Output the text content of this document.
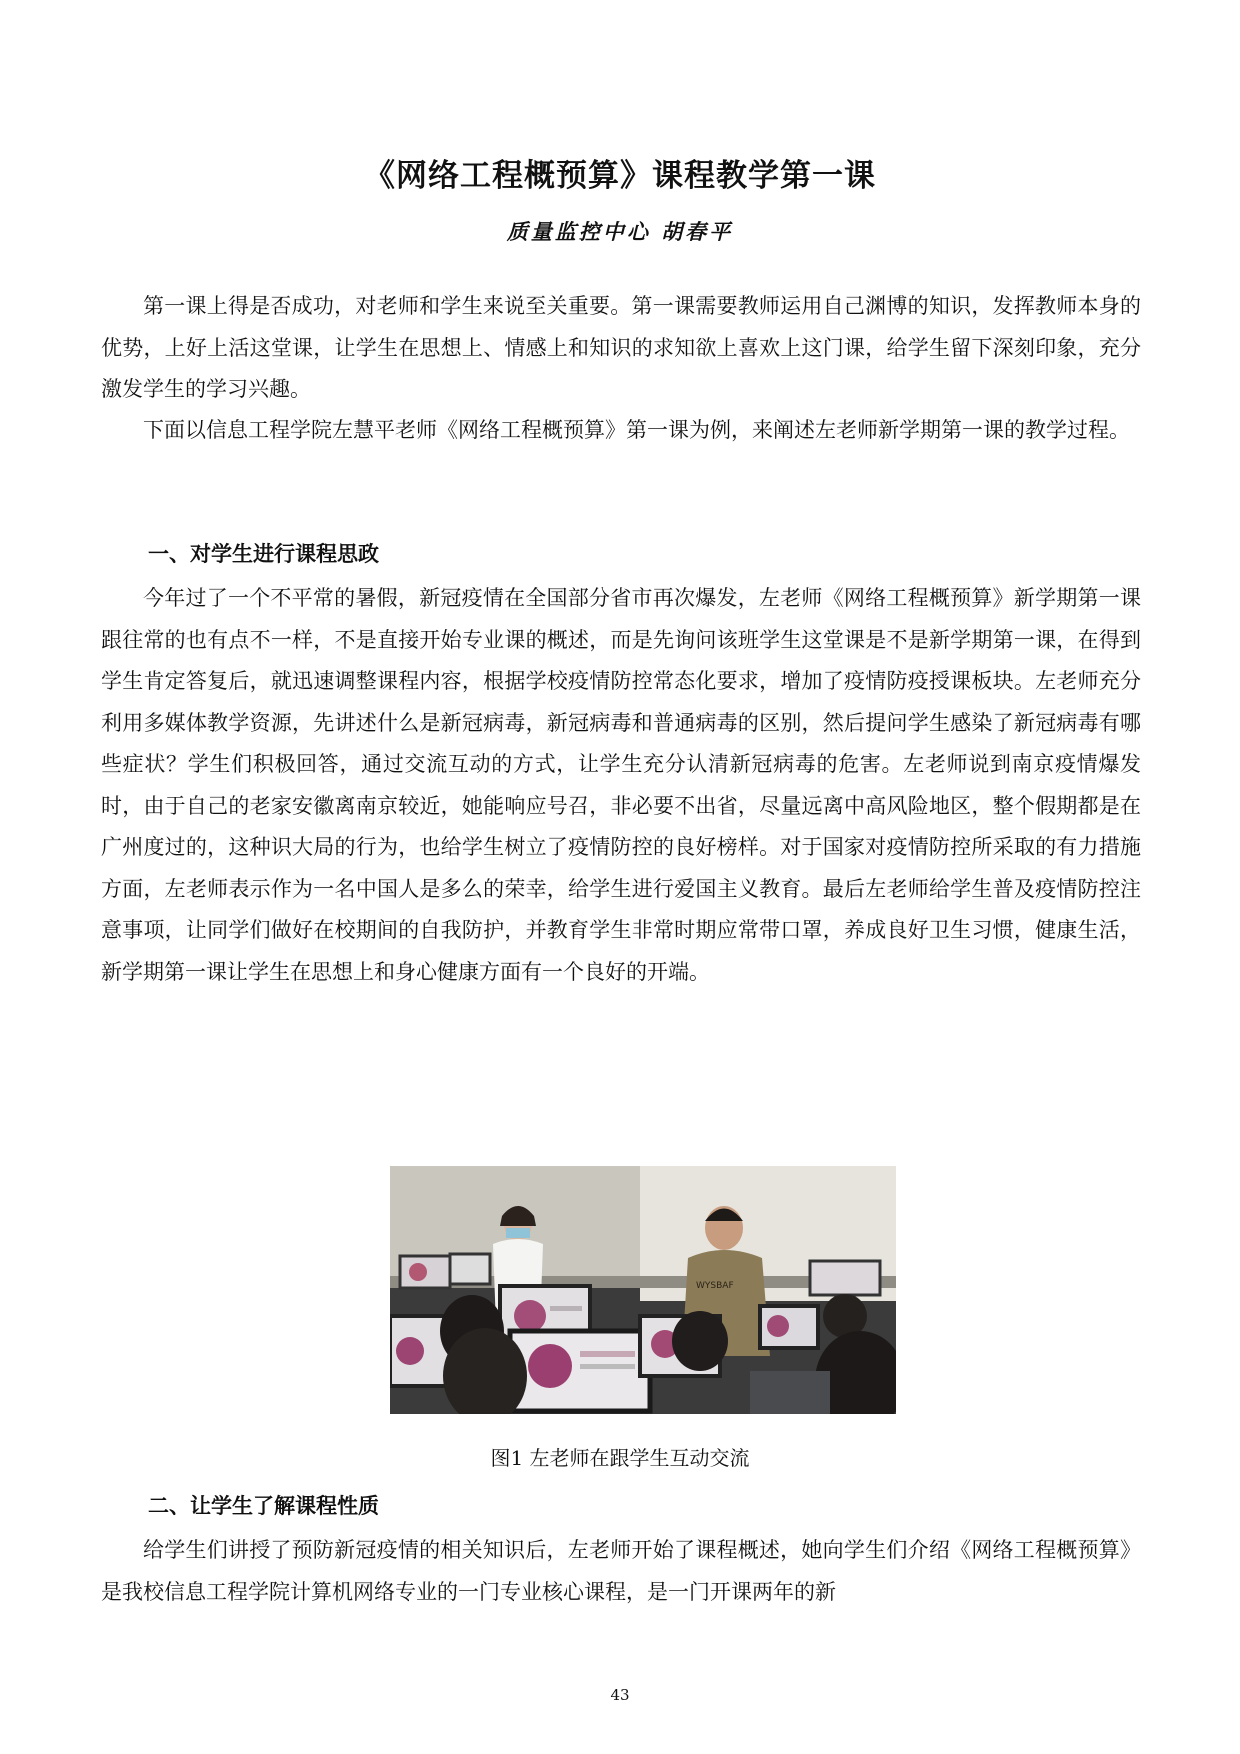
《网络工程概预算》课程教学第一课
质量监控中心 胡春平

第一课上得是否成功，对老师和学生来说至关重要。第一课需要教师运用自己渊博的知识，发挥教师本身的优势，上好上活这堂课，让学生在思想上、情感上和知识的求知欲上喜欢上这门课，给学生留下深刻印象，充分激发学生的学习兴趣。

下面以信息工程学院左慧平老师《网络工程概预算》第一课为例，来阐述左老师新学期第一课的教学过程。

一、对学生进行课程思政

今年过了一个不平常的暑假，新冠疫情在全国部分省市再次爆发，左老师《网络工程概预算》新学期第一课跟往常的也有点不一样，不是直接开始专业课的概述，而是先询问该班学生这堂课是不是新学期第一课，在得到学生肯定答复后，就迅速调整课程内容，根据学校疫情防控常态化要求，增加了疫情防疫授课板块。左老师充分利用多媒体教学资源，先讲述什么是新冠病毒，新冠病毒和普通病毒的区别，然后提问学生感染了新冠病毒有哪些症状？学生们积极回答，通过交流互动的方式，让学生充分认清新冠病毒的危害。左老师说到南京疫情爆发时，由于自己的老家安徽离南京较近，她能响应号召，非必要不出省，尽量远离中高风险地区，整个假期都是在广州度过的，这种识大局的行为，也给学生树立了疫情防控的良好榜样。对于国家对疫情防控所采取的有力措施方面，左老师表示作为一名中国人是多么的荣幸，给学生进行爱国主义教育。最后左老师给学生普及疫情防控注意事项，让同学们做好在校期间的自我防护，并教育学生非常时期应常带口罩，养成良好卫生习惯，健康生活，新学期第一课让学生在思想上和身心健康方面有一个良好的开端。

WYSBAF
图1 左老师在跟学生互动交流

二、让学生了解课程性质

给学生们讲授了预防新冠疫情的相关知识后，左老师开始了课程概述，她向学生们介绍《网络工程概预算》是我校信息工程学院计算机网络专业的一门专业核心课程，是一门开课两年的新

43
